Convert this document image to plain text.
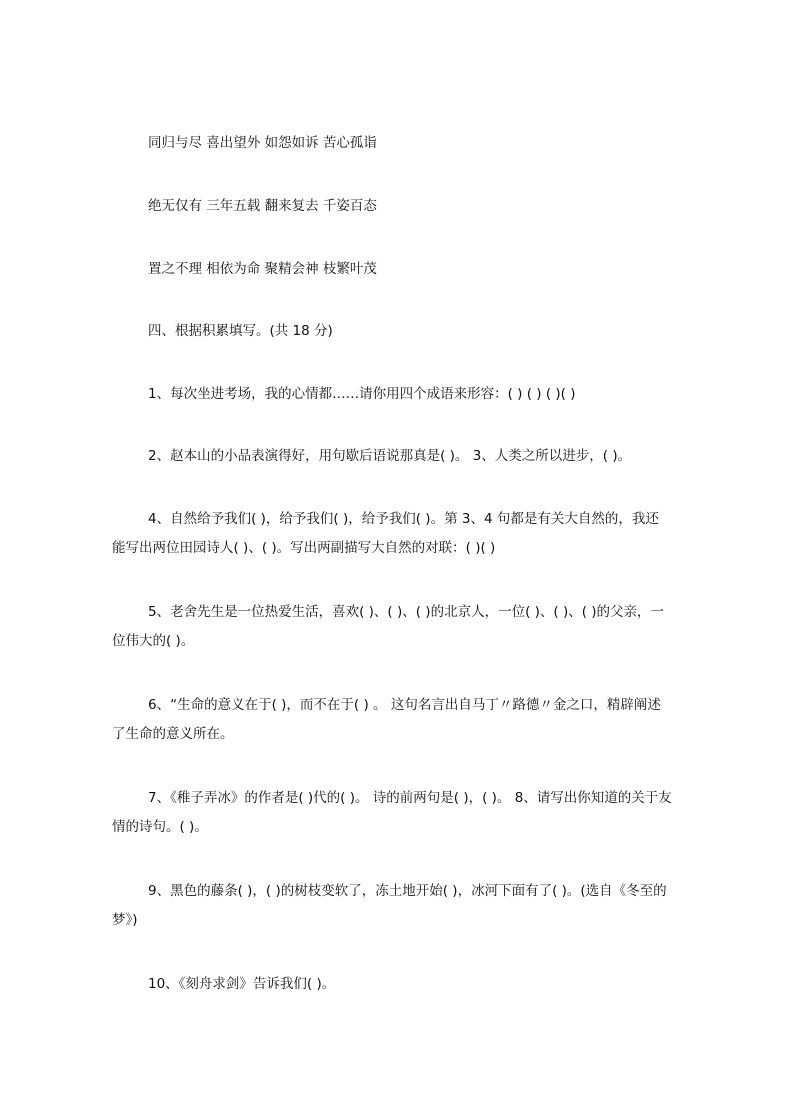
同归与尽 喜出望外 如怨如诉 苦心孤诣
绝无仅有 三年五载 翻来复去 千姿百态
置之不理 相依为命 聚精会神 枝繁叶茂
四、根据积累填写。(共 18 分)
1、每次坐进考场，我的心情都……请你用四个成语来形容：( ) ( ) ( )( )
2、赵本山的小品表演得好，用句歇后语说那真是( )。 3、人类之所以进步，( )。
4、自然给予我们( )，给予我们( )，给予我们( )。第 3、4 句都是有关大自然的，我还能写出两位田园诗人( )、( )。写出两副描写大自然的对联：( )( )
5、老舍先生是一位热爱生活，喜欢( )、( )、( )的北京人，一位( )、( )、( )的父亲，一位伟大的( )。
6、“生命的意义在于( )，而不在于( ) 。 这句名言出自马丁〃路德〃金之口，精辟阐述了生命的意义所在。
7、《稚子弄冰》的作者是( )代的( )。 诗的前两句是( )，( )。 8、请写出你知道的关于友情的诗句。( )。
9、黑色的藤条( )，( )的树枝变软了，冻土地开始( )，冰河下面有了( )。(选自《冬至的梦》)
10、《刻舟求剑》告诉我们( )。
